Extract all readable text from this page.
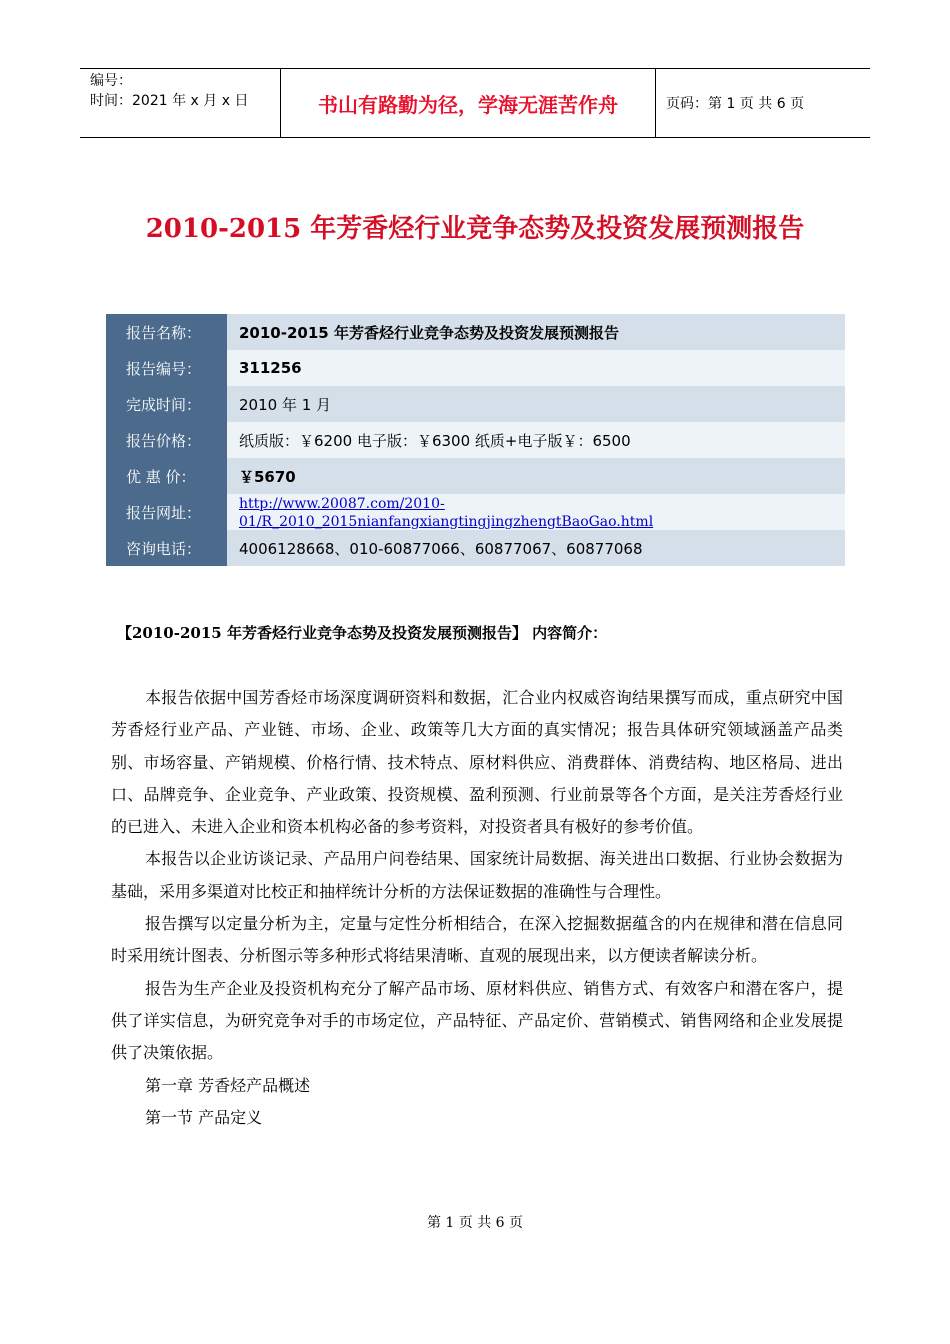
编号：
时间：2021 年 x 月 x 日	书山有路勤为径，学海无涯苦作舟	页码：第 1 页 共 6 页
2010-2015 年芳香烃行业竞争态势及投资发展预测报告
报告名称：	2010-2015 年芳香烃行业竞争态势及投资发展预测报告
报告编号：	311256
完成时间：	2010 年 1 月
报告价格：	纸质版：￥6200 电子版：￥6300 纸质+电子版￥：6500
优 惠 价：	￥5670
报告网址：	http://www.20087.com/2010-01/R_2010_2015nianfangxiangtingjingzhengtBaoGao.html
咨询电话：	4006128668、010-60877066、60877067、60877068
【2010-2015 年芳香烃行业竞争态势及投资发展预测报告】 内容简介：

本报告依据中国芳香烃市场深度调研资料和数据，汇合业内权威咨询结果撰写而成，重点研究中国芳香烃行业产品、产业链、市场、企业、政策等几大方面的真实情况；报告具体研究领域涵盖产品类别、市场容量、产销规模、价格行情、技术特点、原材料供应、消费群体、消费结构、地区格局、进出口、品牌竞争、企业竞争、产业政策、投资规模、盈利预测、行业前景等各个方面，是关注芳香烃行业的已进入、未进入企业和资本机构必备的参考资料，对投资者具有极好的参考价值。

本报告以企业访谈记录、产品用户问卷结果、国家统计局数据、海关进出口数据、行业协会数据为基础，采用多渠道对比校正和抽样统计分析的方法保证数据的准确性与合理性。

报告撰写以定量分析为主，定量与定性分析相结合，在深入挖掘数据蕴含的内在规律和潜在信息同时采用统计图表、分析图示等多种形式将结果清晰、直观的展现出来，以方便读者解读分析。

报告为生产企业及投资机构充分了解产品市场、原材料供应、销售方式、有效客户和潜在客户，提供了详实信息，为研究竞争对手的市场定位，产品特征、产品定价、营销模式、销售网络和企业发展提供了决策依据。

第一章 芳香烃产品概述

第一节 产品定义

第 1 页 共 6 页
